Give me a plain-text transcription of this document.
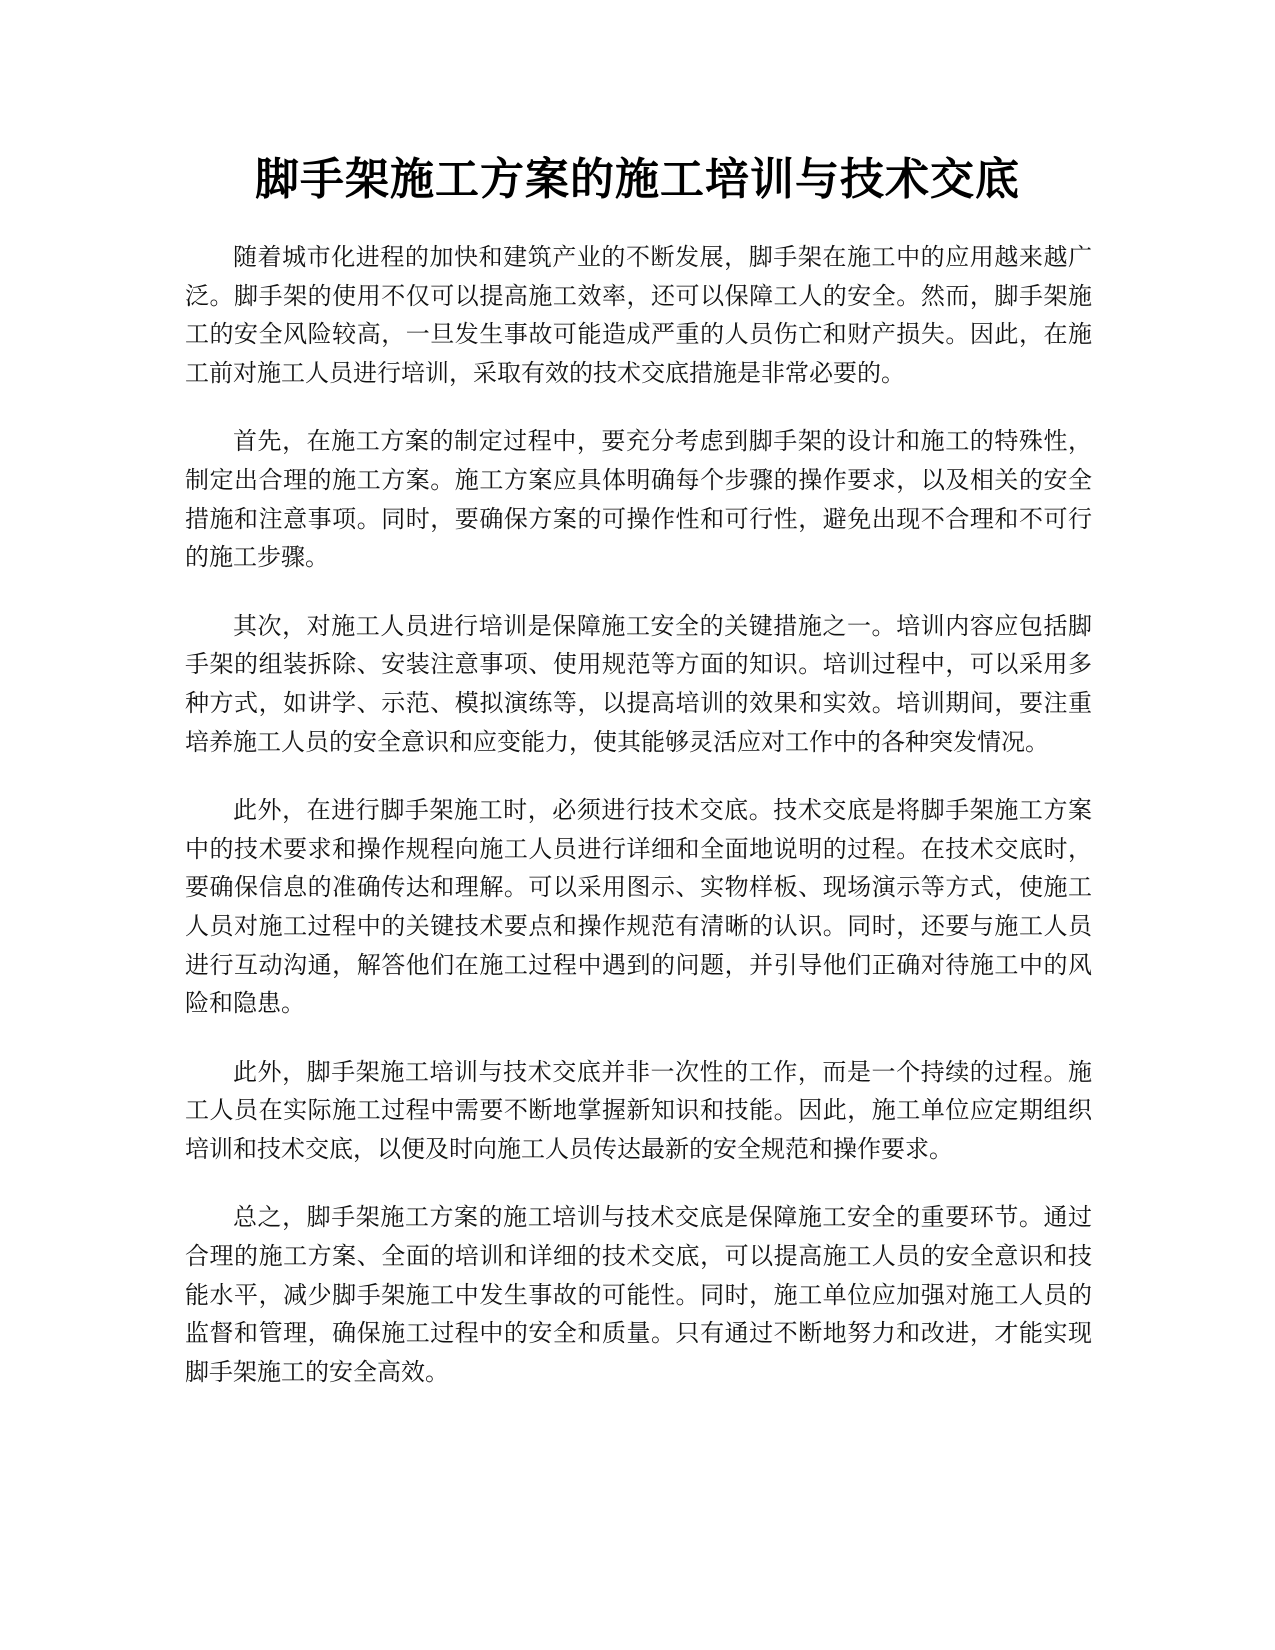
脚手架施工方案的施工培训与技术交底

随着城市化进程的加快和建筑产业的不断发展，脚手架在施工中的应用越来越广泛。脚手架的使用不仅可以提高施工效率，还可以保障工人的安全。然而，脚手架施工的安全风险较高，一旦发生事故可能造成严重的人员伤亡和财产损失。因此，在施工前对施工人员进行培训，采取有效的技术交底措施是非常必要的。

首先，在施工方案的制定过程中，要充分考虑到脚手架的设计和施工的特殊性，制定出合理的施工方案。施工方案应具体明确每个步骤的操作要求，以及相关的安全措施和注意事项。同时，要确保方案的可操作性和可行性，避免出现不合理和不可行的施工步骤。

其次，对施工人员进行培训是保障施工安全的关键措施之一。培训内容应包括脚手架的组装拆除、安装注意事项、使用规范等方面的知识。培训过程中，可以采用多种方式，如讲学、示范、模拟演练等，以提高培训的效果和实效。培训期间，要注重培养施工人员的安全意识和应变能力，使其能够灵活应对工作中的各种突发情况。

此外，在进行脚手架施工时，必须进行技术交底。技术交底是将脚手架施工方案中的技术要求和操作规程向施工人员进行详细和全面地说明的过程。在技术交底时，要确保信息的准确传达和理解。可以采用图示、实物样板、现场演示等方式，使施工人员对施工过程中的关键技术要点和操作规范有清晰的认识。同时，还要与施工人员进行互动沟通，解答他们在施工过程中遇到的问题，并引导他们正确对待施工中的风险和隐患。

此外，脚手架施工培训与技术交底并非一次性的工作，而是一个持续的过程。施工人员在实际施工过程中需要不断地掌握新知识和技能。因此，施工单位应定期组织培训和技术交底，以便及时向施工人员传达最新的安全规范和操作要求。

总之，脚手架施工方案的施工培训与技术交底是保障施工安全的重要环节。通过合理的施工方案、全面的培训和详细的技术交底，可以提高施工人员的安全意识和技能水平，减少脚手架施工中发生事故的可能性。同时，施工单位应加强对施工人员的监督和管理，确保施工过程中的安全和质量。只有通过不断地努力和改进，才能实现脚手架施工的安全高效。
